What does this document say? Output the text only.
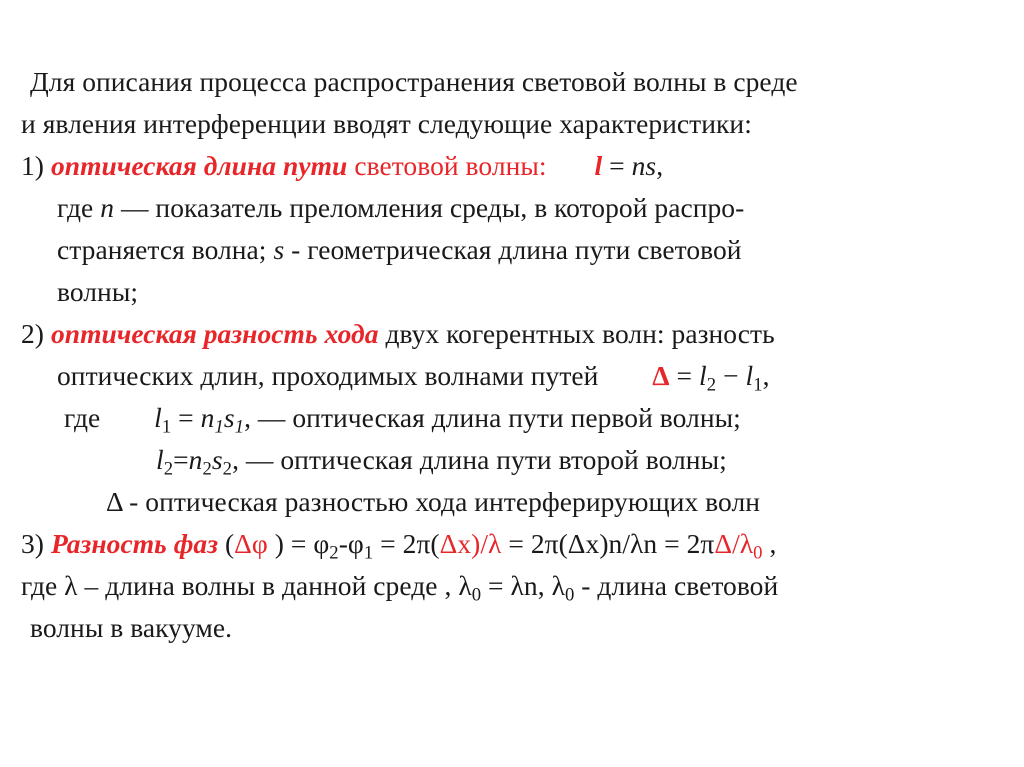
Для описания процесса распространения световой волны в среде
и явления интерференции вводят следующие характеристики:
1) оптическая длина пути световой волны: l = ns,
где n — показатель преломления среды, в которой распро-
страняется волна; s - геометрическая длина пути световой
волны;
2) оптическая разность хода двух когерентных волн: разность
оптических длин, проходимых волнами путей $\Delta = l_2 - l_1$,
где $l_1 = n_1s_1$, — оптическая длина пути первой волны;
$l_2=n_2s_2$, — оптическая длина пути второй волны;
Δ - оптическая разностью хода интерферирующих волн
3) Разность фаз (Δφ ) = $\varphi_2-\varphi_1 = 2\pi(\Delta x)/\lambda = 2\pi(\Delta x)n/\lambda n = 2\pi\Delta/\lambda_0$ ,
где λ – длина волны в данной среде , $\lambda_0 = \lambda n$, $\lambda_0$ - длина световой
волны в вакууме.
